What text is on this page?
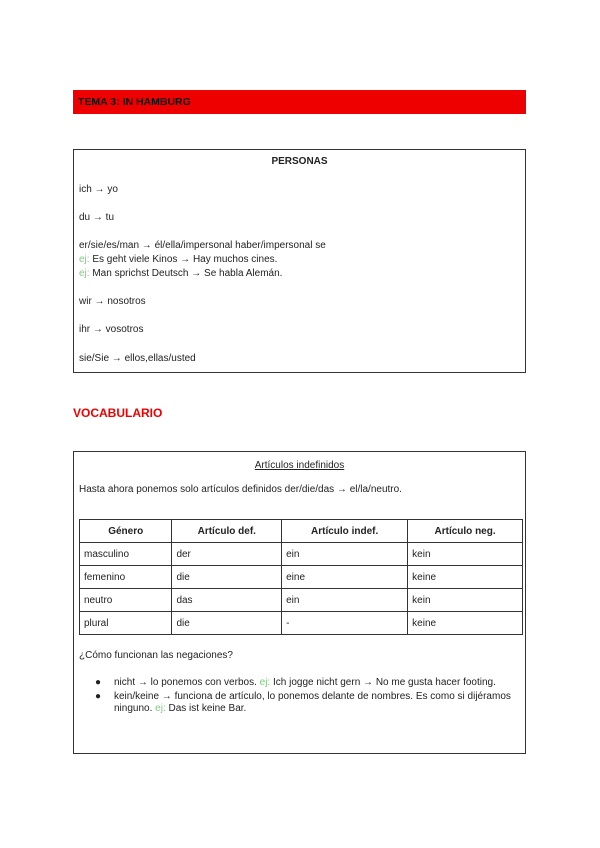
TEMA 3: IN HAMBURG
PERSONAS
ich → yo
du → tu
er/sie/es/man → él/ella/impersonal haber/impersonal se
ej: Es geht viele Kinos → Hay muchos cines.
ej: Man sprichst Deutsch → Se habla Alemán.
wir → nosotros
ihr → vosotros
sie/Sie → ellos,ellas/usted
VOCABULARIO
Artículos indefinidos
Hasta ahora ponemos solo artículos definidos der/die/das → el/la/neutro.
Género	Artículo def.	Artículo indef.	Artículo neg.
masculino	der	ein	kein
femenino	die	eine	keine
neutro	das	ein	kein
plural	die	-	keine
¿Cómo funcionan las negaciones?
● nicht → lo ponemos con verbos. ej: Ich jogge nicht gern → No me gusta hacer footing.
● kein/keine → funciona de artículo, lo ponemos delante de nombres. Es como si dijéramos ninguno. ej: Das ist keine Bar.
